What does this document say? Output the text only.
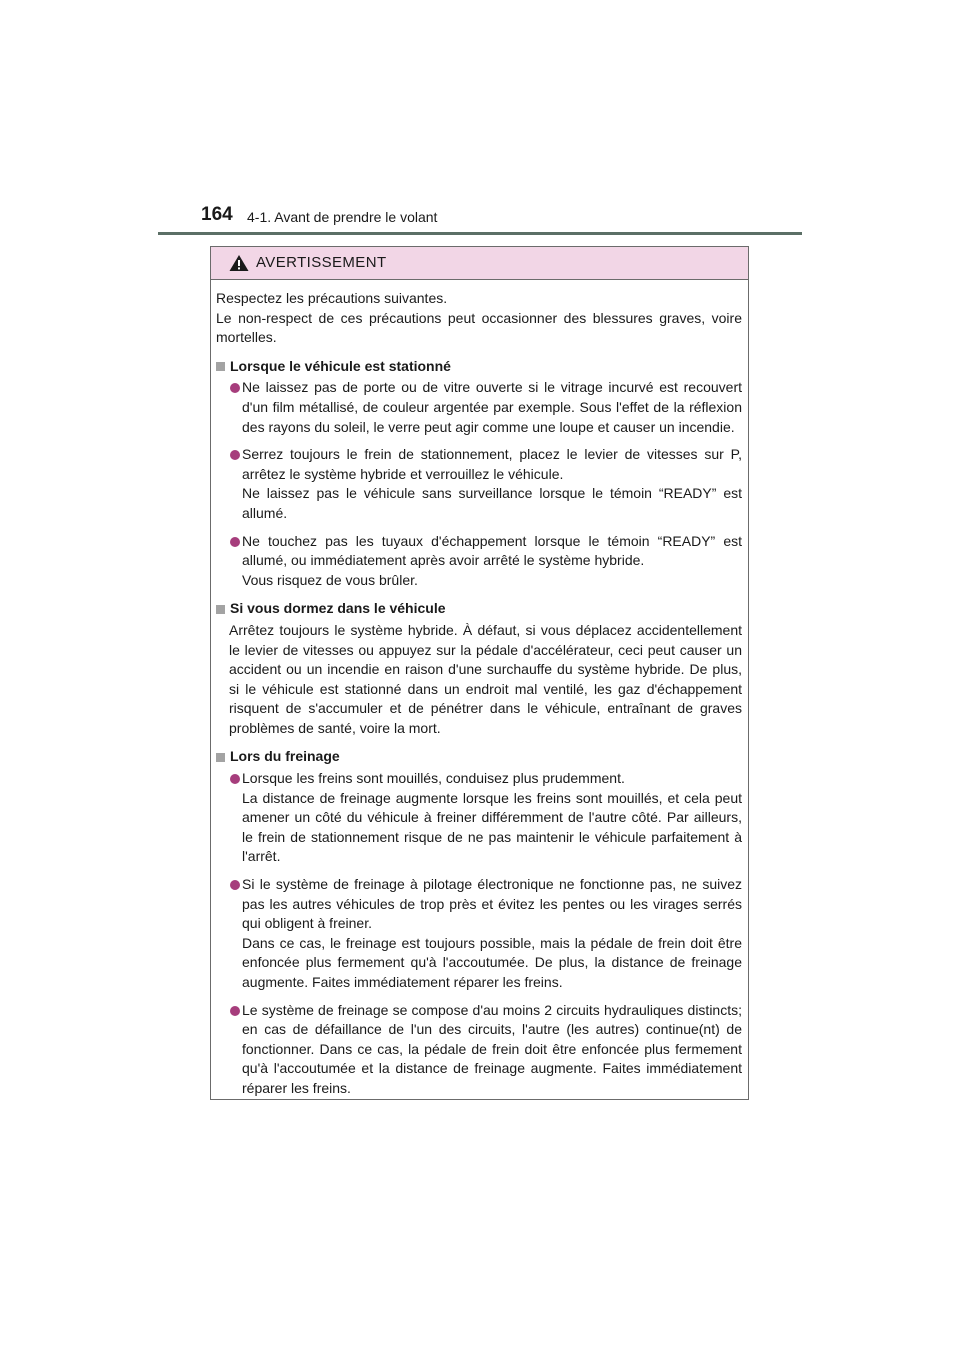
164 4-1. Avant de prendre le volant
AVERTISSEMENT
Respectez les précautions suivantes.
Le non-respect de ces précautions peut occasionner des blessures graves, voire mortelles.
Lorsque le véhicule est stationné
Ne laissez pas de porte ou de vitre ouverte si le vitrage incurvé est recouvert d'un film métallisé, de couleur argentée par exemple. Sous l'effet de la réflexion des rayons du soleil, le verre peut agir comme une loupe et causer un incendie.
Serrez toujours le frein de stationnement, placez le levier de vitesses sur P, arrêtez le système hybride et verrouillez le véhicule.
Ne laissez pas le véhicule sans surveillance lorsque le témoin “READY” est allumé.
Ne touchez pas les tuyaux d'échappement lorsque le témoin “READY” est allumé, ou immédiatement après avoir arrêté le système hybride.
Vous risquez de vous brûler.
Si vous dormez dans le véhicule
Arrêtez toujours le système hybride. À défaut, si vous déplacez accidentellement le levier de vitesses ou appuyez sur la pédale d'accélérateur, ceci peut causer un accident ou un incendie en raison d'une surchauffe du système hybride. De plus, si le véhicule est stationné dans un endroit mal ventilé, les gaz d'échappement risquent de s'accumuler et de pénétrer dans le véhicule, entraînant de graves problèmes de santé, voire la mort.
Lors du freinage
Lorsque les freins sont mouillés, conduisez plus prudemment.
La distance de freinage augmente lorsque les freins sont mouillés, et cela peut amener un côté du véhicule à freiner différemment de l'autre côté. Par ailleurs, le frein de stationnement risque de ne pas maintenir le véhicule parfaitement à l'arrêt.
Si le système de freinage à pilotage électronique ne fonctionne pas, ne suivez pas les autres véhicules de trop près et évitez les pentes ou les virages serrés qui obligent à freiner.
Dans ce cas, le freinage est toujours possible, mais la pédale de frein doit être enfoncée plus fermement qu'à l'accoutumée. De plus, la distance de freinage augmente. Faites immédiatement réparer les freins.
Le système de freinage se compose d'au moins 2 circuits hydrauliques distincts; en cas de défaillance de l'un des circuits, l'autre (les autres) continue(nt) de fonctionner. Dans ce cas, la pédale de frein doit être enfoncée plus fermement qu'à l'accoutumée et la distance de freinage augmente. Faites immédiatement réparer les freins.
